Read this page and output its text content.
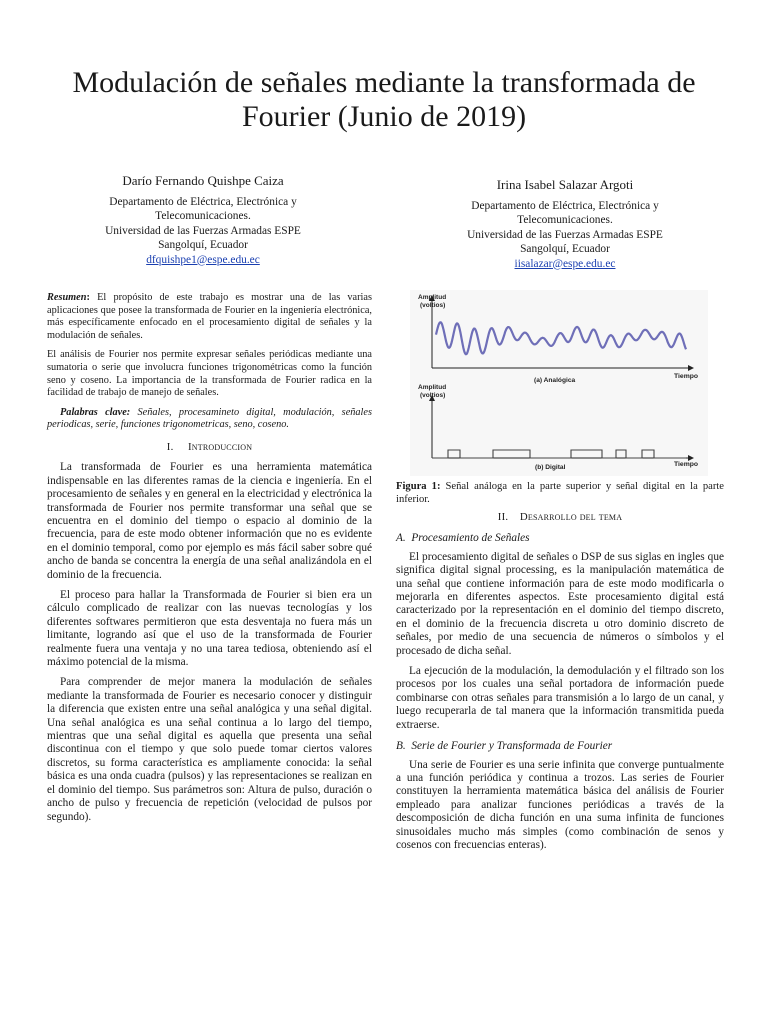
Modulación de señales mediante la transformada de Fourier (Junio de 2019)
Darío Fernando Quishpe Caiza
Departamento de Eléctrica, Electrónica y Telecomunicaciones.
Universidad de las Fuerzas Armadas ESPE
Sangolquí, Ecuador
dfquishpe1@espe.edu.ec
Irina Isabel Salazar Argoti
Departamento de Eléctrica, Electrónica y Telecomunicaciones.
Universidad de las Fuerzas Armadas ESPE
Sangolquí, Ecuador
iisalazar@espe.edu.ec

Resumen: El propósito de este trabajo es mostrar una de las varias aplicaciones que posee la transformada de Fourier en la ingeniería electrónica, más específicamente enfocado en el procesamiento digital de señales y la modulación de señales.

El análisis de Fourier nos permite expresar señales periódicas mediante una sumatoria o serie que involucra funciones trigonométricas como la función seno y coseno. La importancia de la transformada de Fourier radica en la facilidad de trabajo de manejo de señales.

Palabras clave: Señales, procesamineto digital, modulación, señales periodicas, serie, funciones trigonometricas, seno, coseno.

I. Introduccion

La transformada de Fourier es una herramienta matemática indispensable en las diferentes ramas de la ciencia e ingeniería. En el procesamiento de señales y en general en la electricidad y electrónica la transformada de Fourier nos permite transformar una señal que se encuentra en el dominio del tiempo o espacio al dominio de la frecuencia, para de este modo obtener información que no es evidente en el dominio temporal, como por ejemplo es más fácil saber sobre qué ancho de banda se concentra la energía de una señal analizándola en el dominio de la frecuencia.

El proceso para hallar la Transformada de Fourier si bien era un cálculo complicado de realizar con las nuevas tecnologías y los diferentes softwares permitieron que esta desventaja no fuera más un limitante, logrando así que el uso de la transformada de Fourier realmente fuera una ventaja y no una tarea tediosa, obteniendo así el máximo potencial de la misma.

Para comprender de mejor manera la modulación de señales mediante la transformada de Fourier es necesario conocer y distinguir la diferencia que existen entre una señal analógica y una señal digital. Una señal analógica es una señal continua a lo largo del tiempo, mientras que una señal digital es aquella que presenta una señal discontinua con el tiempo y que solo puede tomar ciertos valores discretos, su forma característica es ampliamente conocida: la señal básica es una onda cuadra (pulsos) y las representaciones se realizan en el dominio del tiempo. Sus parámetros son: Altura de pulso, duración o ancho de pulso y frecuencia de repetición (velocidad de pulsos por segundo).

Amplitud
(voltios)
Tiempo
(a) Analógica
Amplitud
(voltios)
Tiempo
(b) Digital
Figura 1: Señal análoga en la parte superior y señal digital en la parte inferior.
II. Desarrollo del tema
A. Procesamiento de Señales

El procesamiento digital de señales o DSP de sus siglas en ingles que significa digital signal processing, es la manipulación matemática de una señal que contiene información para de este modo modificarla o mejorarla en diferentes aspectos. Este procesamiento digital está caracterizado por la representación en el dominio del tiempo discreto, en el dominio de la frecuencia discreta u otro dominio discreto de señales, por medio de una secuencia de números o símbolos y el procesado de dicha señal.

La ejecución de la modulación, la demodulación y el filtrado son los procesos por los cuales una señal portadora de información puede combinarse con otras señales para transmisión a lo largo de un canal, y luego recuperarla de tal manera que la información transmitida pueda extraerse.

B. Serie de Fourier y Transformada de Fourier

Una serie de Fourier es una serie infinita que converge puntualmente a una función periódica y continua a trozos. Las series de Fourier constituyen la herramienta matemática básica del análisis de Fourier empleado para analizar funciones periódicas a través de la descomposición de dicha función en una suma infinita de funciones sinusoidales mucho más simples (como combinación de senos y cosenos con frecuencias enteras).
